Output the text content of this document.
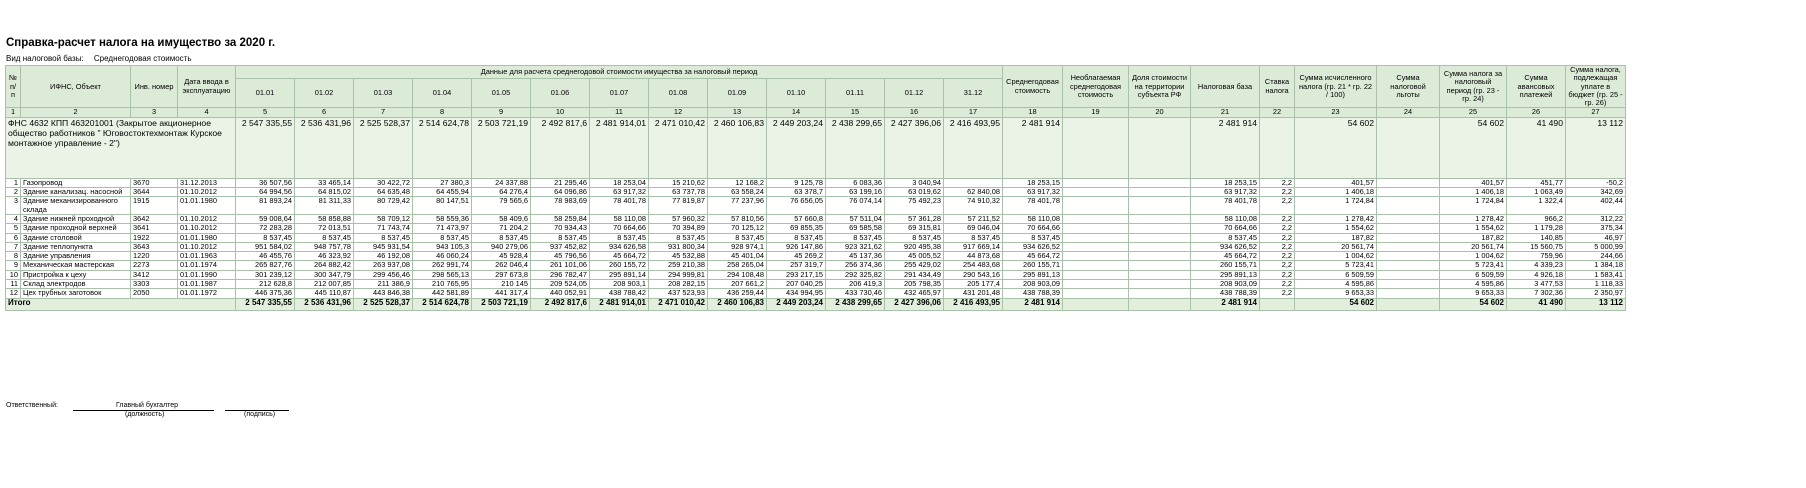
Справка-расчет налога на имущество за 2020 г.
Вид налоговой базы: Среднегодовая стоимость
№ п/п	ИФНС, Объект	Инв. номер	Дата ввода в эксплуатацию	Данные для расчета среднегодовой стоимости имущества за налоговый период													Среднегодовая стоимость	Необлагаемая среднегодовая стоимость	Доля стоимости на территории субъекта РФ	Налоговая база	Ставка налога	Сумма исчисленного налога (гр. 21 * гр. 22 / 100)	Сумма налоговой льготы	Сумма налога за налоговый период (гр. 23 - гр. 24)	Сумма авансовых платежей	Сумма налога, подлежащая уплате в бюджет (гр. 25 - гр. 26)
				01.01	01.02	01.03	01.04	01.05	01.06	01.07	01.08	01.09	01.10	01.11	01.12	31.12										
1	2	3	4	5	6	7	8	9	10	11	12	13	14	15	16	17	18	19	20	21	22	23	24	25	26	27
ФНС 4632 КПП 463201001 (Закрытое акционерное общество работников " Юговостоктехмонтаж Курское монтажное управление - 2")				2 547 335,55	2 536 431,96	2 525 528,37	2 514 624,78	2 503 721,19	2 492 817,6	2 481 914,01	2 471 010,42	2 460 106,83	2 449 203,24	2 438 299,65	2 427 396,06	2 416 493,95	2 481 914			2 481 914		54 602		54 602	41 490	13 112
1	Газопровод	3670	31.12.2013	36 507,56	33 465,14	30 422,72	27 380,3	24 337,88	21 295,46	18 253,04	15 210,62	12 168,2	9 125,78	6 083,36	3 040,94		18 253,15			18 253,15	2,2	401,57		401,57	451,77	-50,2
2	Здание канализац. насосной	3644	01.10.2012	64 994,56	64 815,02	64 635,48	64 455,94	64 276,4	64 096,86	63 917,32	63 737,78	63 558,24	63 378,7	63 199,16	63 019,62	62 840,08	63 917,32			63 917,32	2,2	1 406,18		1 406,18	1 063,49	342,69
3	Здание механизированного склада	1915	01.01.1980	81 893,24	81 311,33	80 729,42	80 147,51	79 565,6	78 983,69	78 401,78	77 819,87	77 237,96	76 656,05	76 074,14	75 492,23	74 910,32	78 401,78			78 401,78	2,2	1 724,84		1 724,84	1 322,4	402,44
4	Здание нижней проходной	3642	01.10.2012	59 008,64	58 858,88	58 709,12	58 559,36	58 409,6	58 259,84	58 110,08	57 960,32	57 810,56	57 660,8	57 511,04	57 361,28	57 211,52	58 110,08			58 110,08	2,2	1 278,42		1 278,42	966,2	312,22
5	Здание проходной верхней	3641	01.10.2012	72 283,28	72 013,51	71 743,74	71 473,97	71 204,2	70 934,43	70 664,66	70 394,89	70 125,12	69 855,35	69 585,58	69 315,81	69 046,04	70 664,66			70 664,66	2,2	1 554,62		1 554,62	1 179,28	375,34
6	Здание столовой	1922	01.01.1980	8 537,45	8 537,45	8 537,45	8 537,45	8 537,45	8 537,45	8 537,45	8 537,45	8 537,45	8 537,45	8 537,45	8 537,45	8 537,45	8 537,45			8 537,45	2,2	187,82		187,82	140,85	46,97
7	Здание теплопункта	3643	01.10.2012	951 584,02	948 757,78	945 931,54	943 105,3	940 279,06	937 452,82	934 626,58	931 800,34	928 974,1	926 147,86	923 321,62	920 495,38	917 669,14	934 626,52			934 626,52	2,2	20 561,74		20 561,74	15 560,75	5 000,99
8	Здание управления	1220	01.01.1963	46 455,76	46 323,92	46 192,08	46 060,24	45 928,4	45 796,56	45 664,72	45 532,88	45 401,04	45 269,2	45 137,36	45 005,52	44 873,68	45 664,72			45 664,72	2,2	1 004,62		1 004,62	759,96	244,66
9	Механическая мастерская	2273	01.01.1974	265 827,76	264 882,42	263 937,08	262 991,74	262 046,4	261 101,06	260 155,72	259 210,38	258 265,04	257 319,7	256 374,36	255 429,02	254 483,68	260 155,71			260 155,71	2,2	5 723,41		5 723,41	4 339,23	1 384,18
10	Пристройка к цеху	3412	01.01.1990	301 239,12	300 347,79	299 456,46	298 565,13	297 673,8	296 782,47	295 891,14	294 999,81	294 108,48	293 217,15	292 325,82	291 434,49	290 543,16	295 891,13			295 891,13	2,2	6 509,59		6 509,59	4 926,18	1 583,41
11	Склад электродов	3303	01.01.1987	212 628,8	212 007,85	211 386,9	210 765,95	210 145	209 524,05	208 903,1	208 282,15	207 661,2	207 040,25	206 419,3	205 798,35	205 177,4	208 903,09			208 903,09	2,2	4 595,86		4 595,86	3 477,53	1 118,33
12	Цех трубных заготовок	2050	01.01.1972	446 375,36	445 110,87	443 846,38	442 581,89	441 317,4	440 052,91	438 788,42	437 523,93	436 259,44	434 994,95	433 730,46	432 465,97	431 201,48	438 788,39			438 788,39	2,2	9 653,33		9 653,33	7 302,36	2 350,97
Итого				2 547 335,55	2 536 431,96	2 525 528,37	2 514 624,78	2 503 721,19	2 492 817,6	2 481 914,01	2 471 010,42	2 460 106,83	2 449 203,24	2 438 299,65	2 427 396,06	2 416 493,95	2 481 914			2 481 914		54 602		54 602	41 490	13 112
Ответственный:	Главный бухгалтер
(должность)	(подпись)
